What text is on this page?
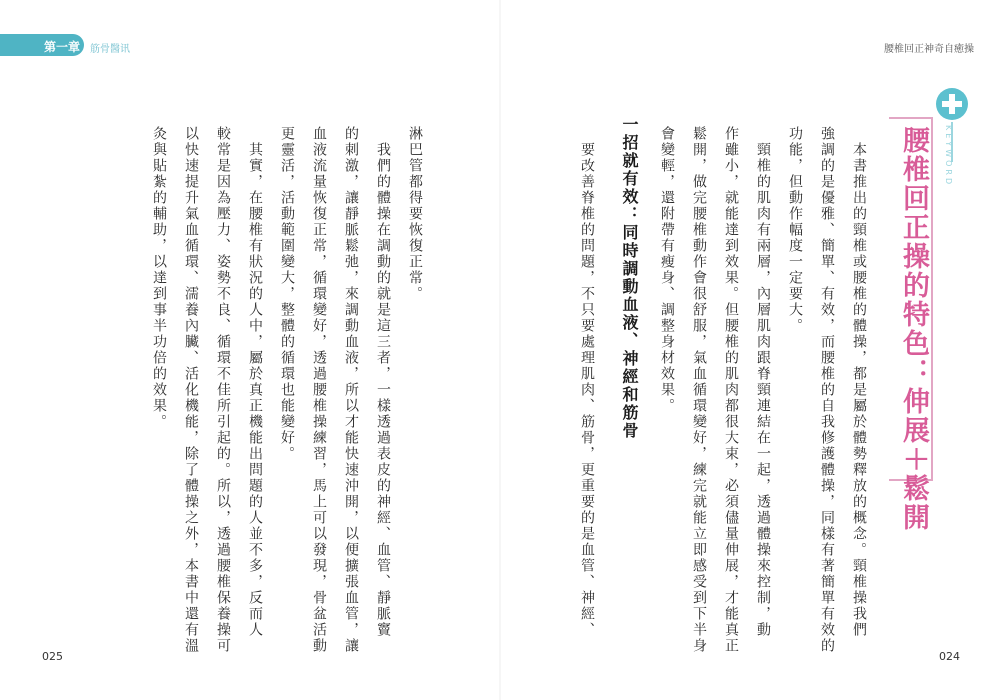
第一章 筋骨醫讯	腰椎回正神奇自癒操
KEYWORD
腰椎回正操的特色：伸展＋鬆開
　本書推出的頸椎或腰椎的體操，都是屬於體勢釋放的概念。頸椎操我們
強調的是優雅、簡單、有效，而腰椎的自我修護體操，同樣有著簡單有效的
功能，但動作幅度一定要大。
　頸椎的肌肉有兩層，內層肌肉跟脊頸連結在一起，透過體操來控制，動
作雖小，就能達到效果。但腰椎的肌肉都很大束，必須儘量伸展，才能真正
鬆開，做完腰椎動作會很舒服，氣血循環變好，練完就能立即感受到下半身
會變輕，還附帶有瘦身、調整身材效果。
一招就有效：同時調動血液、神經和筋骨
　要改善脊椎的問題，不只要處理肌肉、筋骨，更重要的是血管、神經、
淋巴管都得要恢復正常。
　我們的體操在調動的就是這三者，一樣透過表皮的神經、血管、靜脈竇
的刺激，讓靜脈鬆弛，來調動血液，所以才能快速沖開，以便擴張血管，讓
血液流量恢復正常，循環變好，透過腰椎操練習，馬上可以發現，骨盆活動
更靈活，活動範圍變大，整體的循環也能變好。
　其實，在腰椎有狀況的人中，屬於真正機能出問題的人並不多，反而人
較常是因為壓力、姿勢不良、循環不佳所引起的。所以，透過腰椎保養操可
以快速提升氣血循環、濡養內臟、活化機能，除了體操之外，本書中還有溫
灸與貼紮的輔助，以達到事半功倍的效果。
025	024
